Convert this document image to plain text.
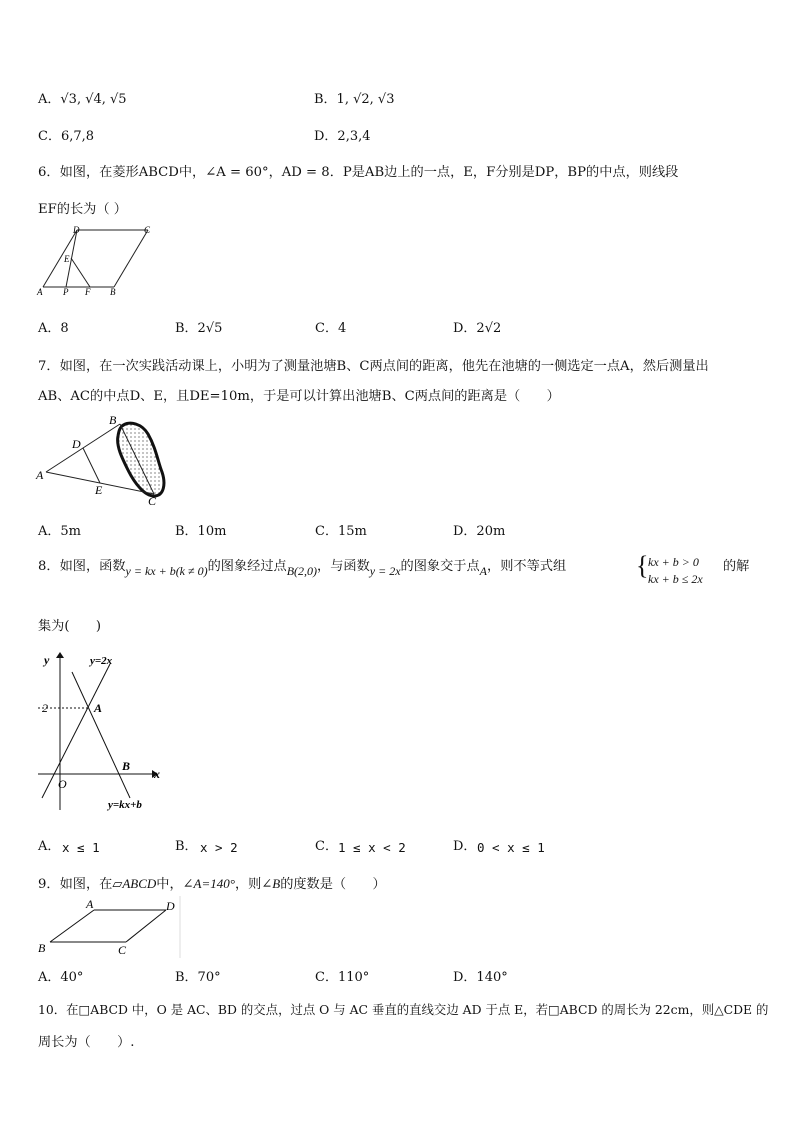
A．√3, √4, √5	B．1, √2, √3
C．6,7,8	D．2,3,4
6．如图，在菱形ABCD中，∠A = 60°，AD = 8．P是AB边上的一点，E，F分别是DP，BP的中点，则线段
EF的长为（ ）
D	C
E
A P F B
A．8	B．2√5	C．4	D．2√2
7．如图，在一次实践活动课上，小明为了测量池塘B、C两点间的距离，他先在池塘的一侧选定一点A，然后测量出
AB、AC的中点D、E，且DE=10m，于是可以计算出池塘B、C两点间的距离是（　　）
B
D
A
E
C
A．5m	B．10m	C．15m	D．20m
8．如图，函数y = kx + b(k ≠ 0)的图象经过点B(2,0)，与函数y = 2x的图象交于点A，则不等式组	{ kx + b > 0
kx + b ≤ 2x
的解
集为(　　)
y
x
2
O
A
B
y=2x
y=kx+b
A． x ≤ 1	B． x > 2	C． 1 ≤ x < 2	D． 0 < x ≤ 1
9．如图，在▱ABCD中，∠A=140°，则∠B的度数是（　　）
A	D
B	C
A．40°	B．70°	C．110°	D．140°
10．在□ABCD 中，O 是 AC、BD 的交点，过点 O 与 AC 垂直的直线交边 AD 于点 E，若□ABCD 的周长为 22cm，则△CDE 的
周长为（　　）.
